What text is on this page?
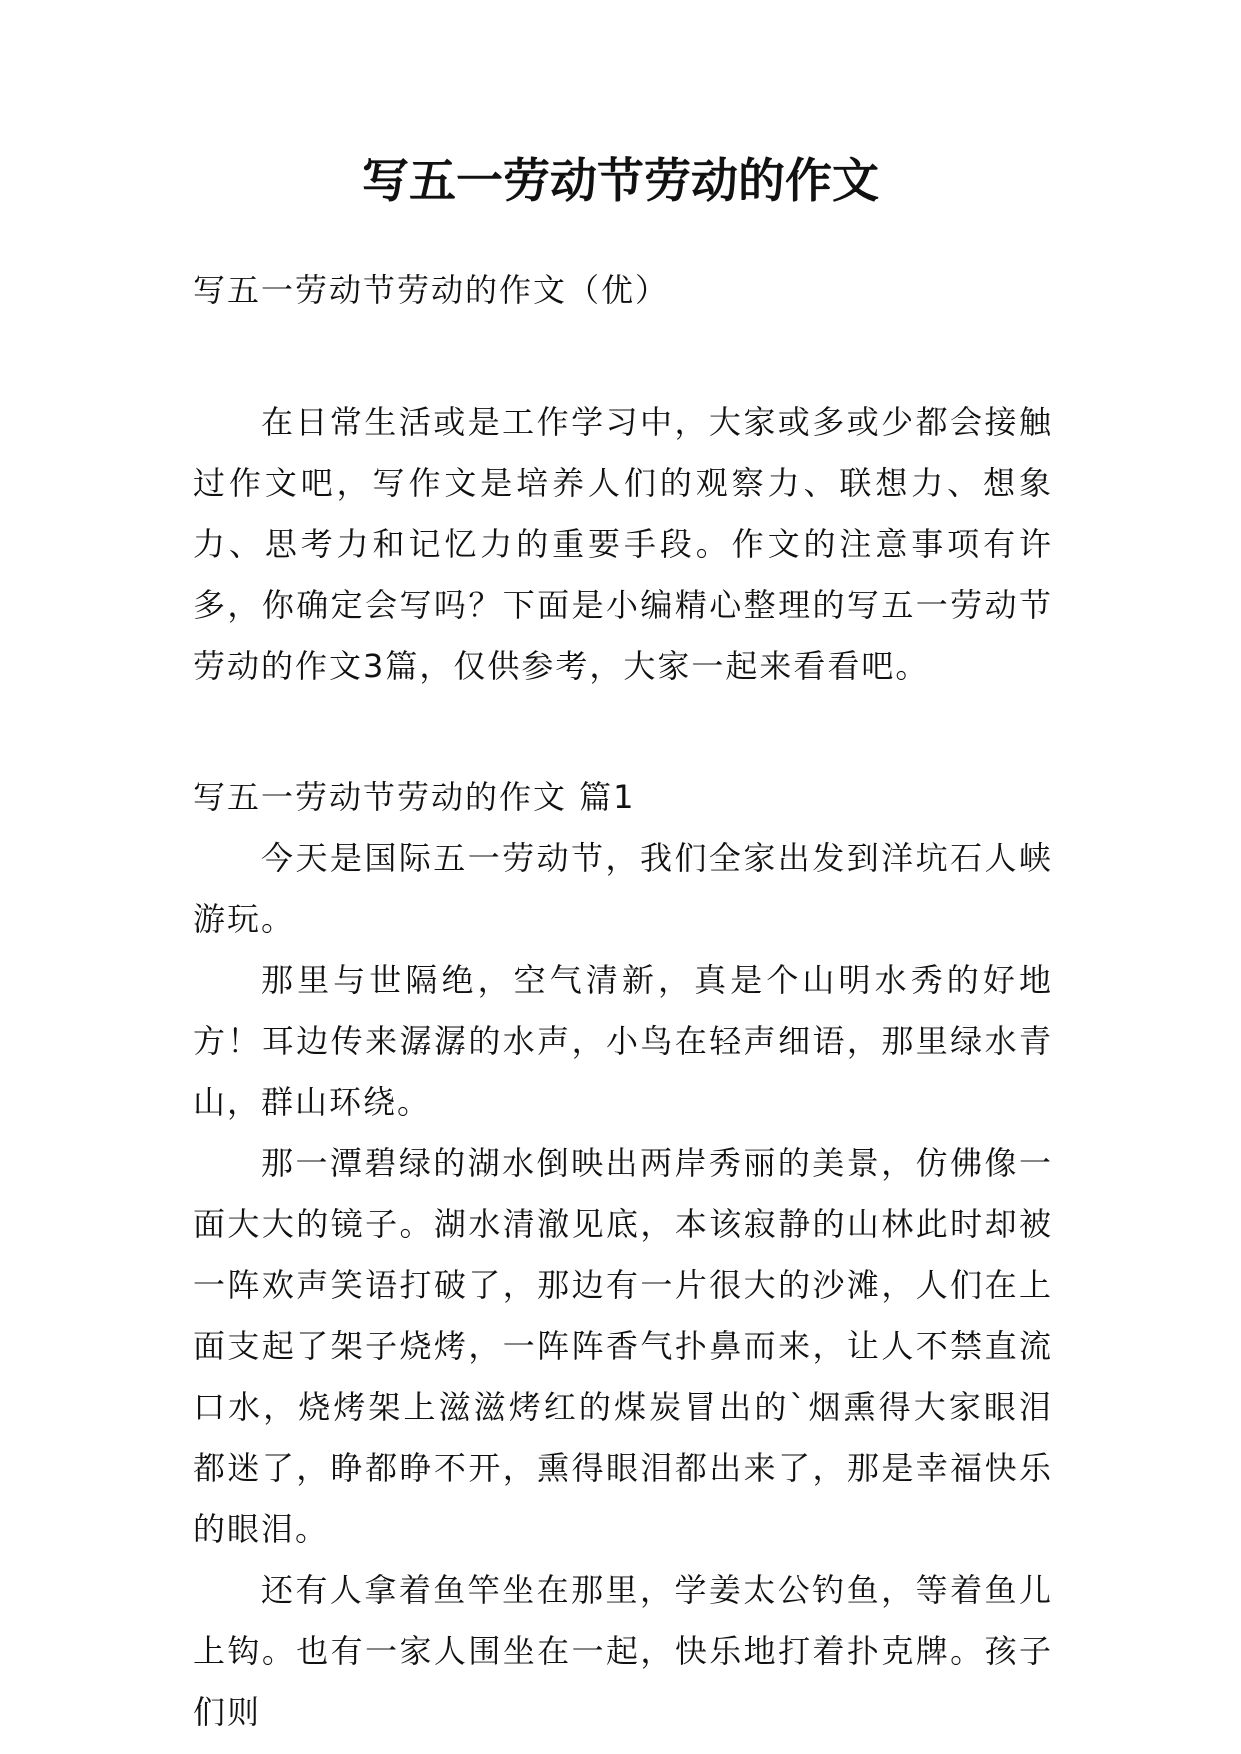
写五一劳动节劳动的作文

写五一劳动节劳动的作文（优）

在日常生活或是工作学习中，大家或多或少都会接触过作文吧，写作文是培养人们的观察力、联想力、想象力、思考力和记忆力的重要手段。作文的注意事项有许多，你确定会写吗？下面是小编精心整理的写五一劳动节劳动的作文3篇，仅供参考，大家一起来看看吧。

写五一劳动节劳动的作文 篇1

今天是国际五一劳动节，我们全家出发到洋坑石人峡游玩。

那里与世隔绝，空气清新，真是个山明水秀的好地方！耳边传来潺潺的水声，小鸟在轻声细语，那里绿水青山，群山环绕。

那一潭碧绿的湖水倒映出两岸秀丽的美景，仿佛像一面大大的镜子。湖水清澈见底，本该寂静的山林此时却被一阵欢声笑语打破了，那边有一片很大的沙滩，人们在上面支起了架子烧烤，一阵阵香气扑鼻而来，让人不禁直流口水，烧烤架上滋滋烤红的煤炭冒出的`烟熏得大家眼泪都迷了，睁都睁不开，熏得眼泪都出来了，那是幸福快乐的眼泪。

还有人拿着鱼竿坐在那里，学姜太公钓鱼，等着鱼儿上钩。也有一家人围坐在一起，快乐地打着扑克牌。孩子们则
